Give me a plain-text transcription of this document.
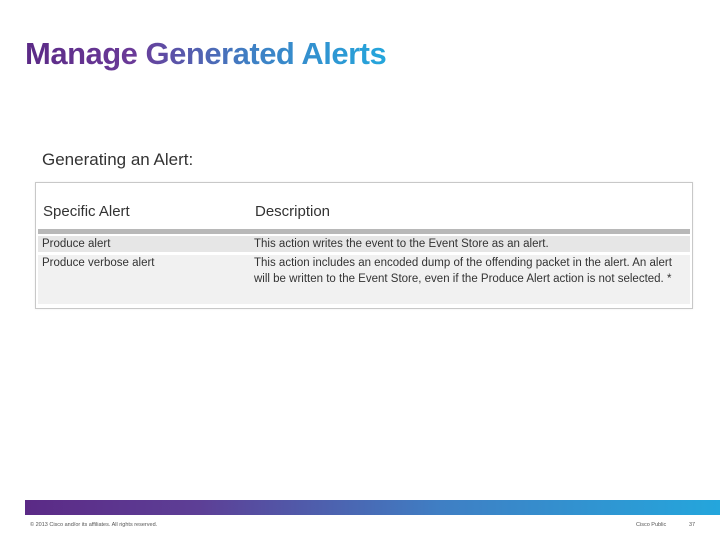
Manage Generated Alerts
Generating an Alert:
Specific Alert	Description
Produce alert	This action writes the event to the Event Store as an alert.
Produce verbose alert	This action includes an encoded dump of the offending packet in the alert. An alert will be written to the Event Store, even if the Produce Alert action is not selected. *
© 2013 Cisco and/or its affiliates. All rights reserved.	Cisco Public	37
